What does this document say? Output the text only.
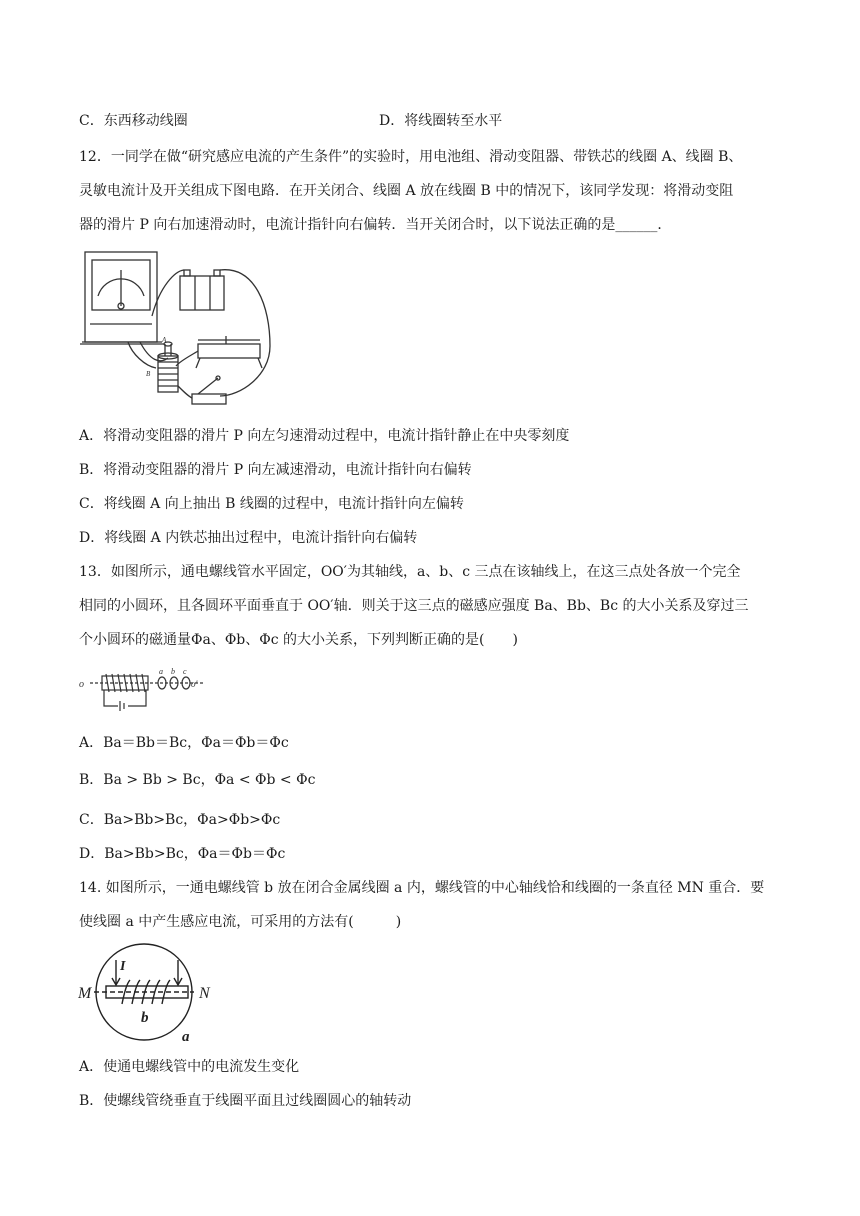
C．东西移动线圈	D．将线圈转至水平
12．一同学在做“研究感应电流的产生条件”的实验时，用电池组、滑动变阻器、带铁芯的线圈 A、线圈 B、
灵敏电流计及开关组成下图电路．在开关闭合、线圈 A 放在线圈 B 中的情况下，该同学发现：将滑动变阻
器的滑片 P 向右加速滑动时，电流计指针向右偏转．当开关闭合时，以下说法正确的是______．
A
B
A．将滑动变阻器的滑片 P 向左匀速滑动过程中，电流计指针静止在中央零刻度
B．将滑动变阻器的滑片 P 向左减速滑动，电流计指针向右偏转
C．将线圈 A 向上抽出 B 线圈的过程中，电流计指针向左偏转
D．将线圈 A 内铁芯抽出过程中，电流计指针向右偏转
13．如图所示，通电螺线管水平固定，OO′为其轴线，a、b、c 三点在该轴线上，在这三点处各放一个完全
相同的小圆环，且各圆环平面垂直于 OO′轴．则关于这三点的磁感应强度 Ba、Bb、Bc 的大小关系及穿过三
个小圆环的磁通量Φa、Φb、Φc 的大小关系，下列判断正确的是(　　)
o	o'
a b c
A．Ba＝Bb＝Bc，Φa＝Φb＝Φc
B．Ba > Bb > Bc，Φa < Φb < Φc
C．Ba>Bb>Bc，Φa>Φb>Φc
D．Ba>Bb>Bc，Φa＝Φb＝Φc
14. 如图所示，一通电螺线管 b 放在闭合金属线圈 a 内，螺线管的中心轴线恰和线圈的一条直径 MN 重合．要
使线圈 a 中产生感应电流，可采用的方法有(　　　)
M	N
I
b
a
A．使通电螺线管中的电流发生变化
B．使螺线管绕垂直于线圈平面且过线圈圆心的轴转动
